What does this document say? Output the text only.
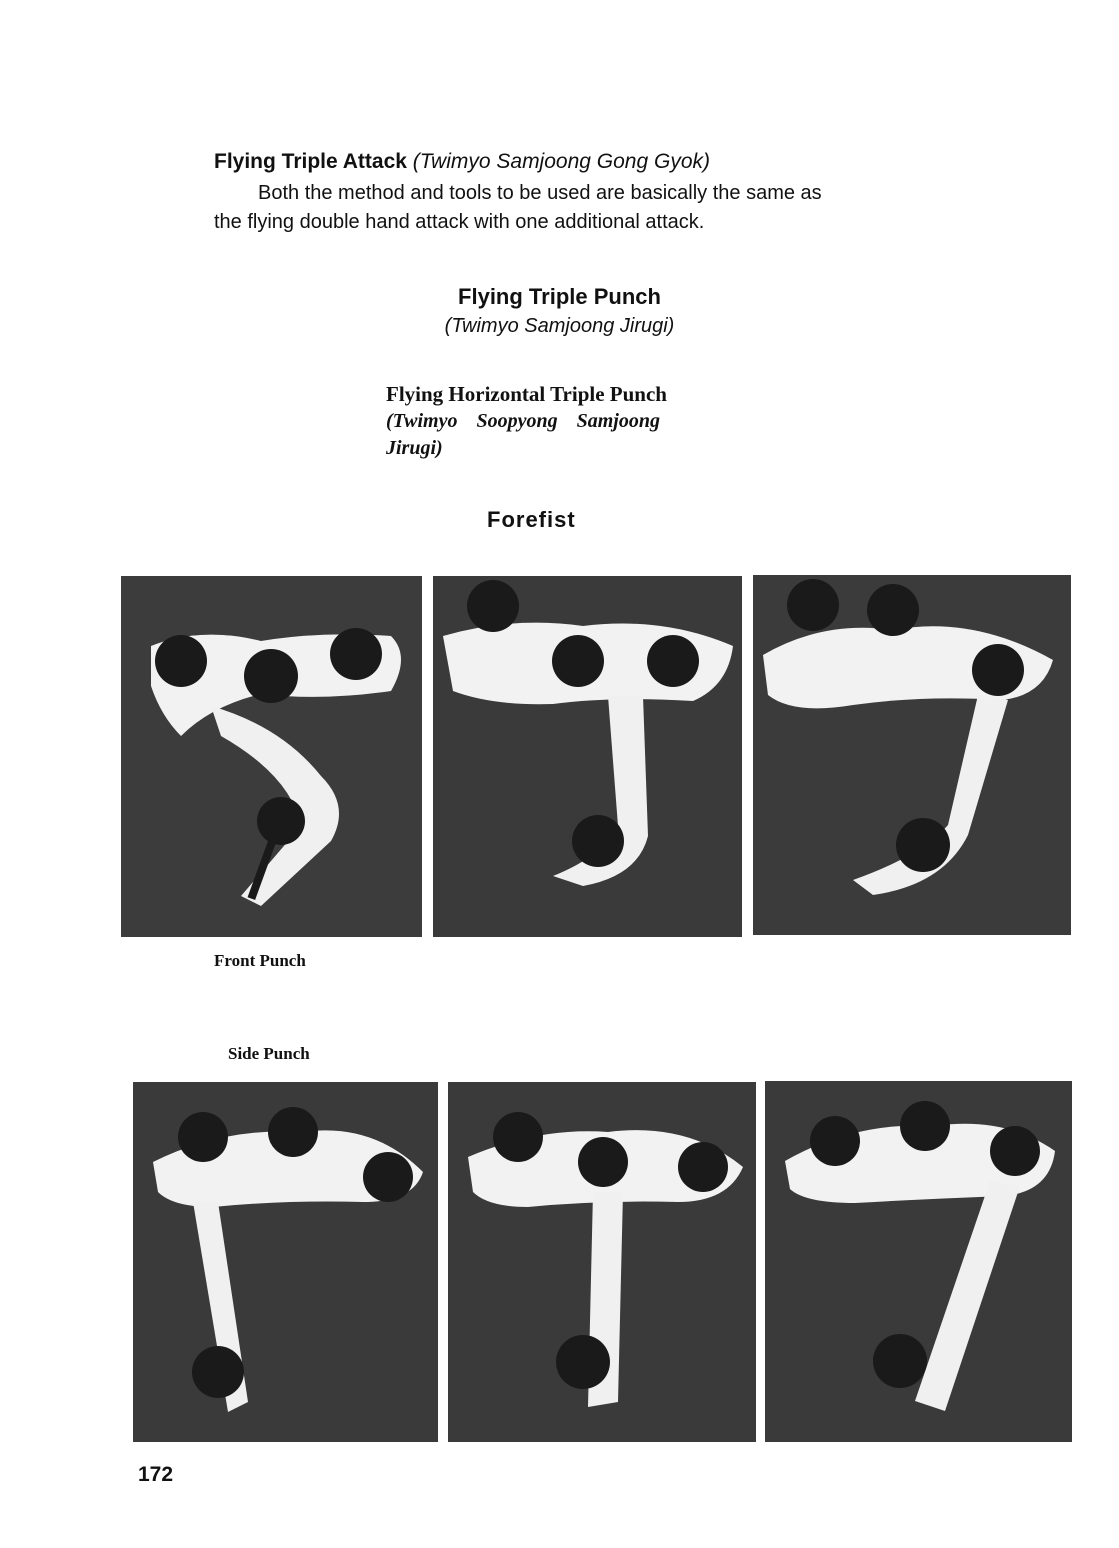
Flying Triple Attack (Twimyo Samjoong Gong Gyok)
Both the method and tools to be used are basically the same as
the flying double hand attack with one additional attack.
Flying Triple Punch
(Twimyo Samjoong Jirugi)
Flying Horizontal Triple Punch
(Twimyo Soopyong Samjoong
Jirugi)
Forefist
Front Punch
Side Punch
172
